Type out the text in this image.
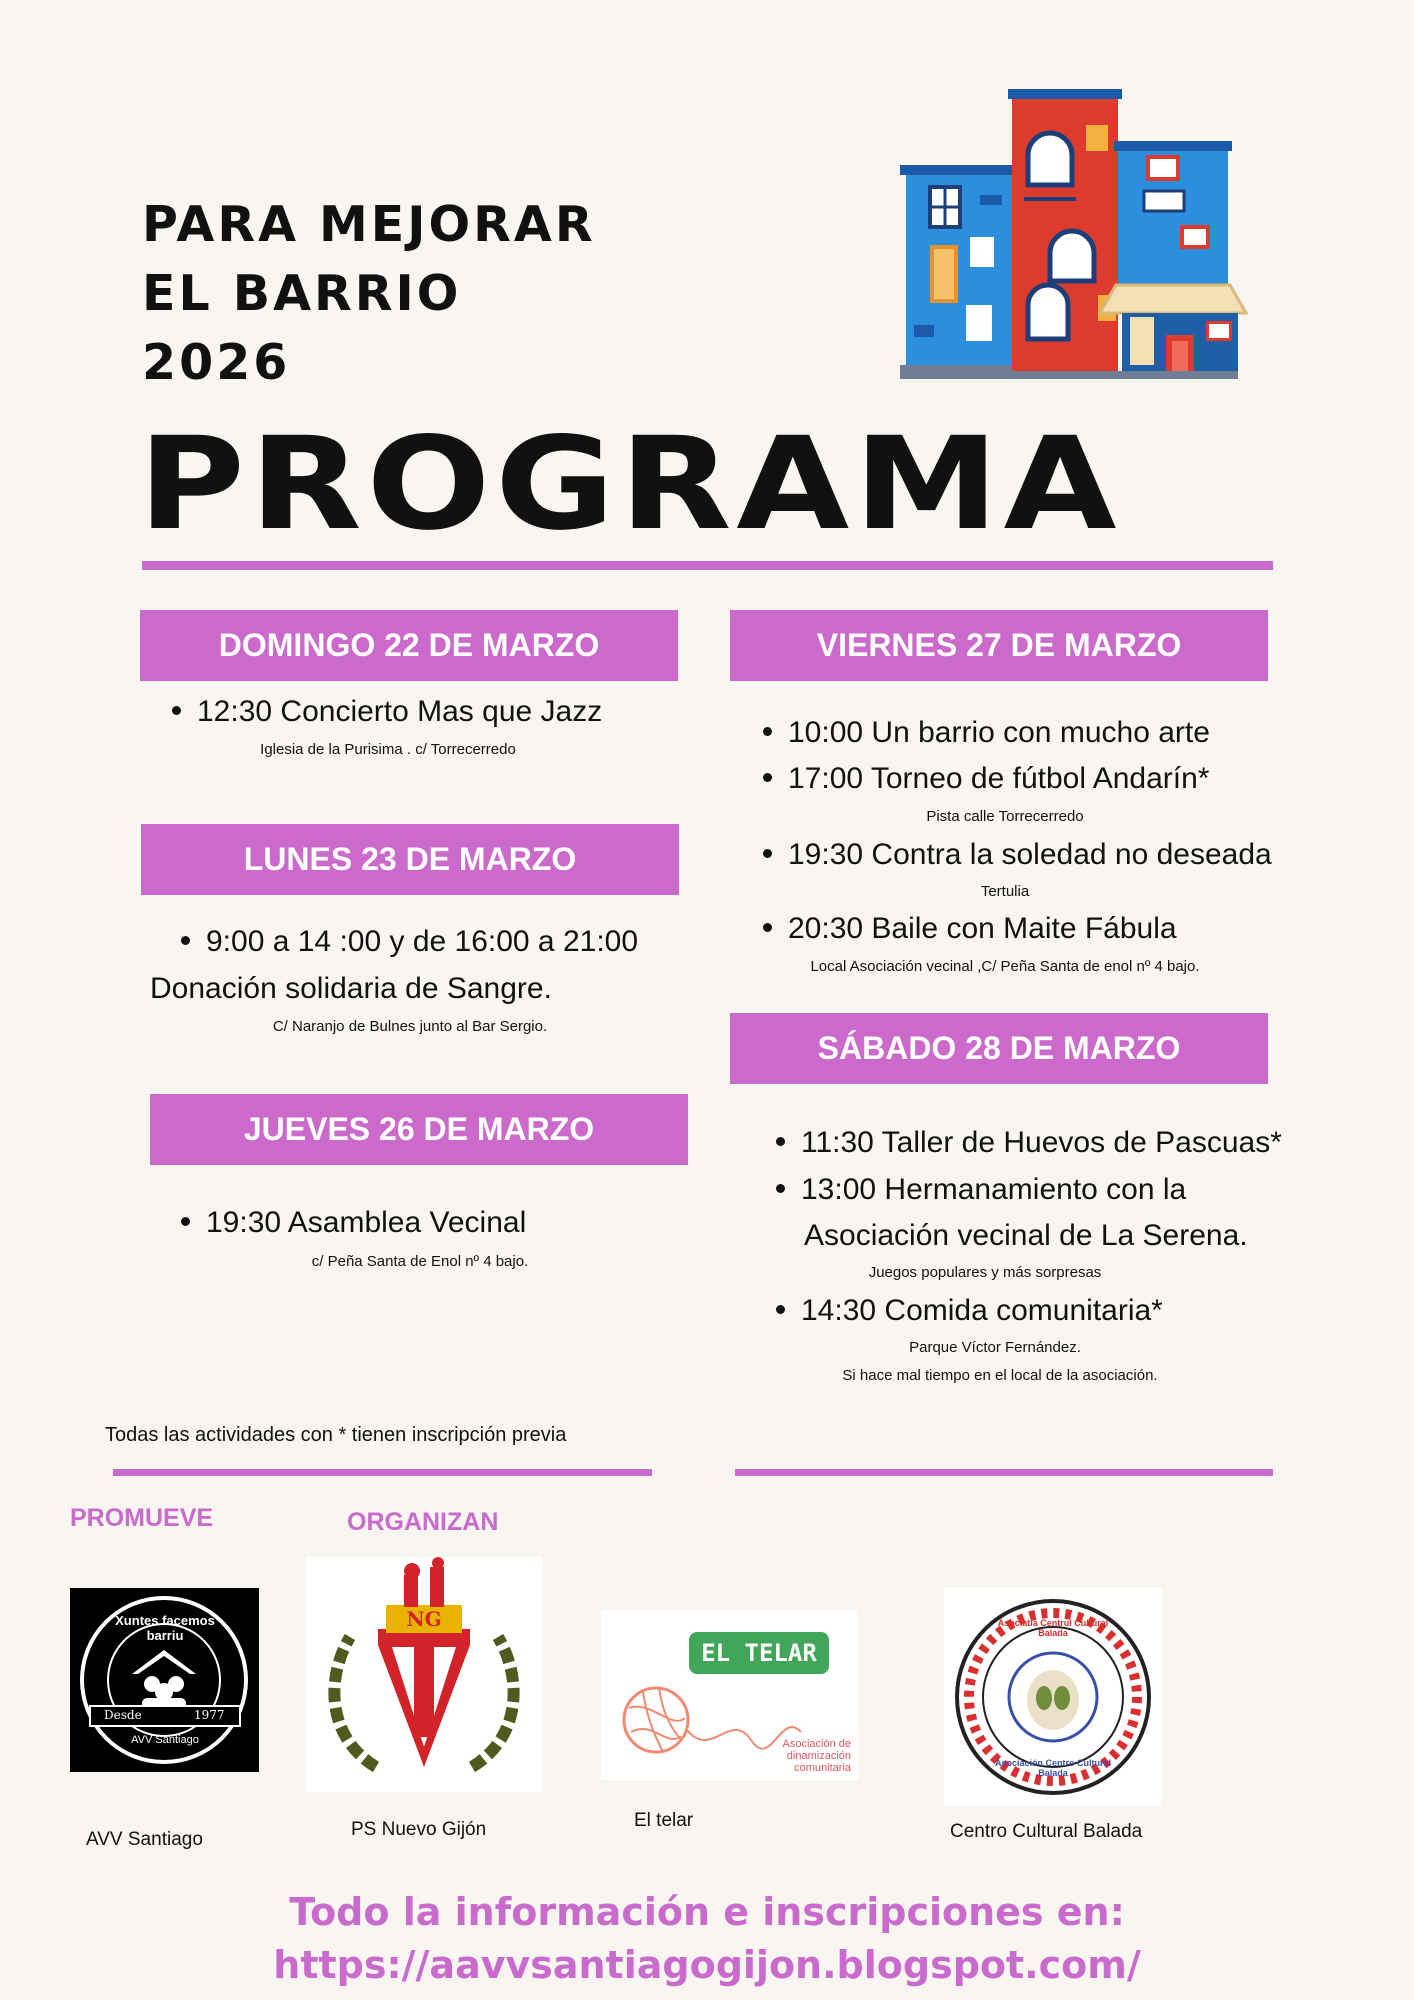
PARA MEJORAR
EL BARRIO
2026
PROGRAMA
DOMINGO 22 DE MARZO
12:30 Concierto Mas que Jazz
Iglesia de la Purisima . c/ Torrecerredo
LUNES 23 DE MARZO
9:00 a 14 :00 y de 16:00 a 21:00
Donación solidaria de Sangre.
C/ Naranjo de Bulnes junto al Bar Sergio.
JUEVES 26 DE MARZO
19:30 Asamblea Vecinal
c/ Peña Santa de Enol nº 4 bajo.
VIERNES 27 DE MARZO
10:00 Un barrio con mucho arte
17:00 Torneo de fútbol Andarín*
Pista calle Torrecerredo
19:30 Contra la soledad no deseada
Tertulia
20:30 Baile con Maite Fábula
Local Asociación vecinal ,C/ Peña Santa de enol nº 4 bajo.
SÁBADO 28 DE MARZO
11:30 Taller de Huevos de Pascuas*
13:00 Hermanamiento con la
Asociación vecinal de La Serena.
Juegos populares y más sorpresas
14:30 Comida comunitaria*
Parque Víctor Fernández.
Si hace mal tiempo en el local de la asociación.
Todas las actividades con * tienen inscripción previa
PROMUEVE	ORGANIZAN
Xuntes facemos barriu
Desde	1977
AVV Santiago
AVV Santiago
NG
PS Nuevo Gijón
EL TELAR
Asociación de dinamización comunitaria
El telar
Asociatia Centrul Cultural Balada
Asociación Centro Cultural Balada
Centro Cultural Balada
Todo la información e inscripciones en:
https://aavvsantiagogijon.blogspot.com/
